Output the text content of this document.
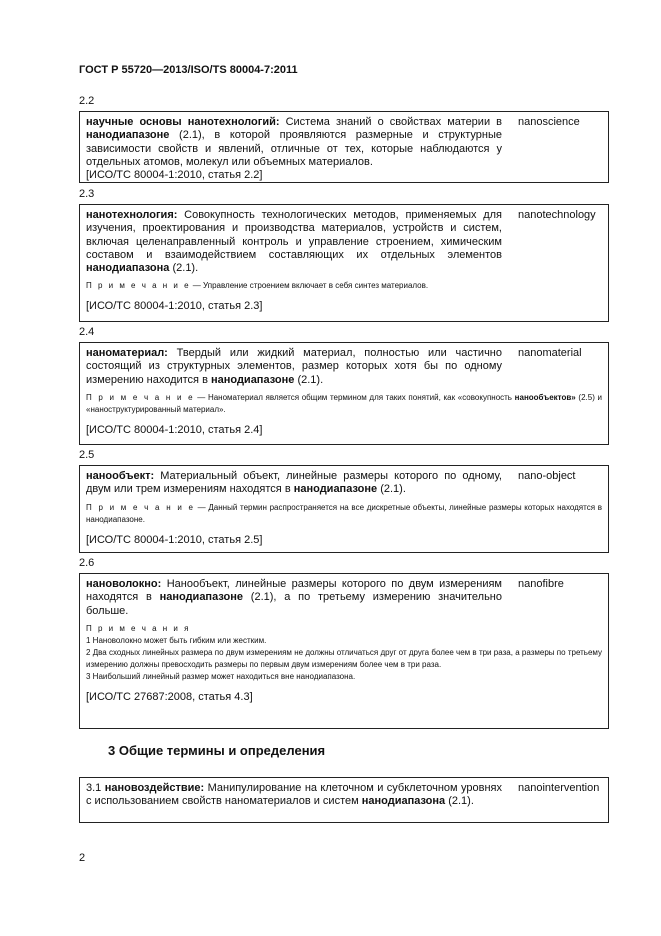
ГОСТ Р 55720—2013/ISO/TS 80004-7:2011
2.2
научные основы нанотехнологий: Система знаний о свойствах материи в нанодиапазоне (2.1), в которой проявляются размерные и структурные зависимости свойств и явлений, отличные от тех, которые наблюдаются у отдельных атомов, молекул или объемных материалов.
[ИСО/ТС 80004-1:2010, статья 2.2]
nanoscience
2.3
нанотехнология: Совокупность технологических методов, применяемых для изучения, проектирования и производства материалов, устройств и систем, включая целенаправленный контроль и управление строением, химическим составом и взаимодействием составляющих их отдельных элементов нанодиапазона (2.1).
nanotechnology
П р и м е ч а н и е — Управление строением включает в себя синтез материалов.
[ИСО/ТС 80004-1:2010, статья 2.3]
2.4
наноматериал: Твердый или жидкий материал, полностью или частично состоящий из структурных элементов, размер которых хотя бы по одному измерению находится в нанодиапазоне (2.1).
nanomaterial
П р и м е ч а н и е — Наноматериал является общим термином для таких понятий, как «совокупность нанообъектов» (2.5) и «наноструктурированный материал».
[ИСО/ТС 80004-1:2010, статья 2.4]
2.5
нанообъект: Материальный объект, линейные размеры которого по одному, двум или трем измерениям находятся в нанодиапазоне (2.1).
nano-object
П р и м е ч а н и е — Данный термин распространяется на все дискретные объекты, линейные размеры которых находятся в нанодиапазоне.
[ИСО/ТС 80004-1:2010, статья 2.5]
2.6
нановолокно: Нанообъект, линейные размеры которого по двум измерениям находятся в нанодиапазоне (2.1), а по третьему измерению значительно больше.
nanofibre
П р и м е ч а н и я
1 Нановолокно может быть гибким или жестким.
2 Два сходных линейных размера по двум измерениям не должны отличаться друг от друга более чем в три раза, а размеры по третьему измерению должны превосходить размеры по первым двум измерениям более чем в три раза.
3 Наибольший линейный размер может находиться вне нанодиапазона.
[ИСО/ТС 27687:2008, статья 4.3]
3 Общие термины и определения
3.1 нановоздействие: Манипулирование на клеточном и субклеточном уровнях с использованием свойств наноматериалов и систем нанодиапазона (2.1).
nanointervention
2
